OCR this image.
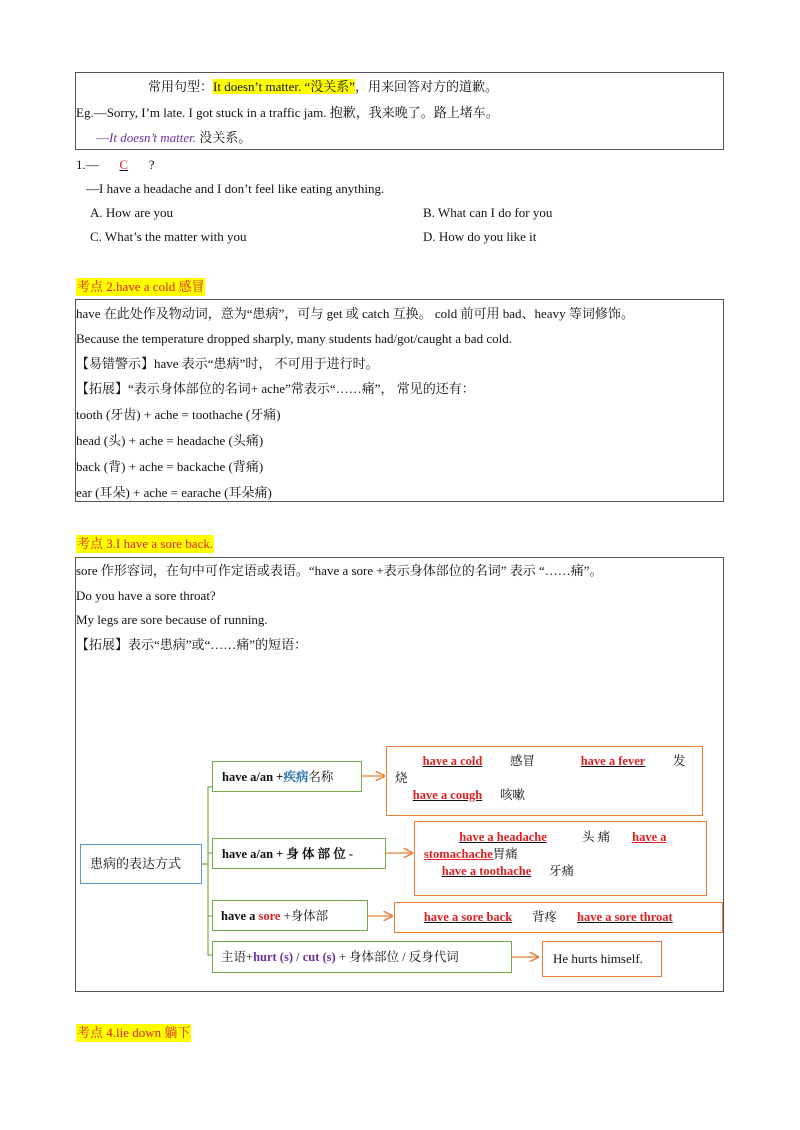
常用句型：It doesn’t matter. “没关系”，用来回答对方的道歉。
Eg.—Sorry, I’m late. I got stuck in a traffic jam. 抱歉，我来晚了。路上堵车。
—It doesn’t matter. 没关系。
1.— C ?
—I have a headache and I don’t feel like eating anything.
A. How are you	B. What can I do for you
C. What’s the matter with you	D. How do you like it
考点 2.have a cold 感冒
have 在此处作及物动词，意为“患病”，可与 get 或 catch 互换。 cold 前可用 bad、heavy 等词修饰。
Because the temperature dropped sharply, many students had/got/caught a bad cold.
【易错警示】have 表示“患病”时， 不可用于进行时。
【拓展】“表示身体部位的名词+ ache”常表示“……痛”， 常见的还有：
tooth (牙齿) + ache = toothache (牙痛)
head (头) + ache = headache (头痛)
back (背) + ache = backache (背痛)
ear (耳朵) + ache = earache (耳朵痛)
考点 3.I have a sore back.
sore 作形容词，在句中可作定语或表语。“have a sore +表示身体部位的名词” 表示 “……痛”。
Do you have a sore throat?
My legs are sore because of running.
【拓展】表示“患病”或“……痛”的短语：
患病的表达方式
have a/an +疾病名称
have a/an + 身 体 部 位 -
have a sore +身体部
主语+hurt (s) / cut (s) + 身体部位 / 反身代词
have a cold 感冒	have a fever 发
烧
have a cough 咳嗽
have a headache	头 痛 have a
stomachache胃痛
have a toothache 牙痛
have a sore back 背疼 have a sore throat
He hurts himself.
考点 4.lie down 躺下
